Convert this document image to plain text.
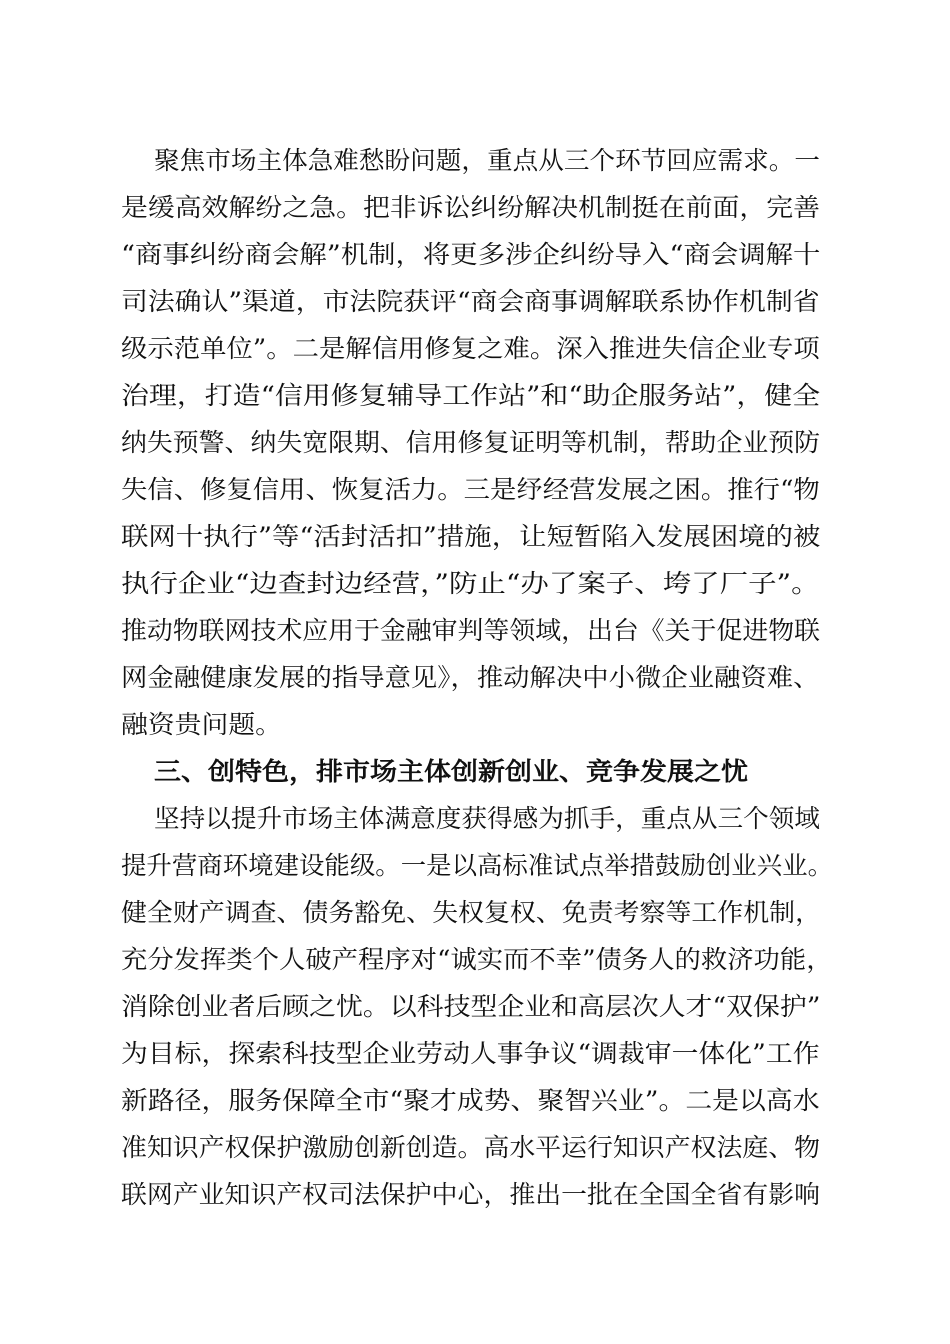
聚焦市场主体急难愁盼问题，重点从三个环节回应需求。一
是缓高效解纷之急。把非诉讼纠纷解决机制挺在前面，完善
“商事纠纷商会解”机制，将更多涉企纠纷导入“商会调解十
司法确认”渠道，市法院获评“商会商事调解联系协作机制省
级示范单位”。二是解信用修复之难。深入推进失信企业专项
治理，打造“信用修复辅导工作站”和“助企服务站”，健全
纳失预警、纳失宽限期、信用修复证明等机制，帮助企业预防
失信、修复信用、恢复活力。三是纾经营发展之困。推行“物
联网十执行”等“活封活扣”措施，让短暂陷入发展困境的被
执行企业“边查封边经营，”防止“办了案子、垮了厂子”。
推动物联网技术应用于金融审判等领域，出台《关于促进物联
网金融健康发展的指导意见》，推动解决中小微企业融资难、
融资贵问题。
三、创特色，排市场主体创新创业、竞争发展之忧
坚持以提升市场主体满意度获得感为抓手，重点从三个领域
提升营商环境建设能级。一是以高标准试点举措鼓励创业兴业。
健全财产调查、债务豁免、失权复权、免责考察等工作机制，
充分发挥类个人破产程序对“诚实而不幸”债务人的救济功能，
消除创业者后顾之忧。以科技型企业和高层次人才“双保护”
为目标，探索科技型企业劳动人事争议“调裁审一体化”工作
新路径，服务保障全市“聚才成势、聚智兴业”。二是以高水
准知识产权保护激励创新创造。高水平运行知识产权法庭、物
联网产业知识产权司法保护中心，推出一批在全国全省有影响
